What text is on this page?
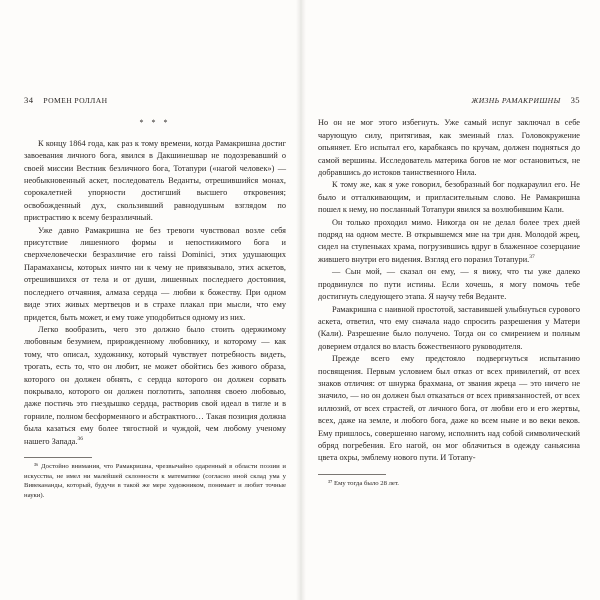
34 РОМЕН РОЛЛАН
* * *

К концу 1864 года, как раз к тому времени, когда Рамакришна достиг завоевания личного бога, явился в Дакшинешвар не подозревавший о своей миссии Вестник безличного бога, Тотапури («нагой человек») — необыкновенный аскет, последователь Веданты, отрешившийся монах, сорокалетней упорности достигший высшего откровения; освобожденный дух, скользивший равнодушным взглядом по пристрастию к всему безразличный.

Уже давно Рамакришна не без тревоги чувствовал возле себя присутствие лишенного формы и непостижимого бога и сверхчеловечески безразличие его raissi Dominici, этих удушающих Парамахансы, которых ничто ни к чему не привязывало, этих аскетов, отрешившихся от тела и от души, лишенных последнего достояния, последнего отчаяния, алмаза сердца — любви к божеству. При одном виде этих живых мертвецов и в страхе плакал при мысли, что ему придется, быть может, и ему тоже уподобиться одному из них.

Легко вообразить, чего это должно было стоить одержимому любовным безумием, прирожденному любовнику, и которому — как тому, что описал, художнику, который чувствует потребность видеть, трогать, есть то, что он любит, не может обойтись без живого образа, которого он должен обнять, с сердца которого он должен сорвать покрывало, которого он должен поглотить, заполняя своею любовью, даже постичь это гнездышко сердца, растворив свой идеал в тигле и в горниле, полном бесформенного и абстрактного… Такая позиция должна была казаться ему более тягостной и чуждой, чем любому ученому нашего Запада.$^{36}$

³⁶ Достойно внимания, что Рамакришна, чрезвычайно одаренный в области поэзии и искусства, не имел ни малейшей склонности к математике (согласно иной склад ума у Вивекананды, который, будучи в такой же мере художником, понимает и любит точные науки).

ЖИЗНЬ РАМАКРИШНЫ 35

Но он не мог этого избегнуть. Уже самый испуг заключал в себе чарующую силу, притягивая, как змеиный глаз. Головокружение опьяняет. Его испытал его, карабкаясь по кручам, должен подняться до самой вершины. Исследователь материка богов не мог остановиться, не добравшись до истоков таинственного Нила.

К тому же, как я уже говорил, безобразный бог подкараулил его. Не было и отталкивающим, и пригласительным слово. Не Рамакришна пошел к нему, но посланный Тотапури явился за возлюбившим Кали.

Он только проходил мимо. Никогда он не делал более трех дней подряд на одном месте. В открывшемся мне на три дня. Молодой жрец, сидел на ступеньках храма, погрузившись вдруг в блаженное созерцание жившего внутри его видения. Взгляд его поразил Тотапури.$^{37}$

— Сын мой, — сказал он ему, — я вижу, что ты уже далеко продвинулся по пути истины. Если хочешь, я могу помочь тебе достигнуть следующего этапа. Я научу тебя Веданте.

Рамакришна с наивной простотой, заставившей улыбнуться сурового аскета, ответил, что ему сначала надо спросить разрешения у Матери (Кали). Разрешение было получено. Тогда он со смирением и полным доверием отдался во власть божественного руководителя.

Прежде всего ему предстояло подвергнуться испытанию посвящения. Первым условием был отказ от всех привилегий, от всех знаков отличия: от шнурка брахмана, от звания жреца — это ничего не значило, — но он должен был отказаться от всех привязанностей, от всех иллюзий, от всех страстей, от личного бога, от любви его и его жертвы, всех, даже на земле, и любого бога, даже ко всем ныне и во веки веков. Ему пришлось, совершенно нагому, исполнить над собой символический обряд погребения. Его нагой, он мог облачиться в одежду саньясина цвета охры, эмблему нового пути. И Тотапу-

³⁷ Ему тогда было 28 лет.
